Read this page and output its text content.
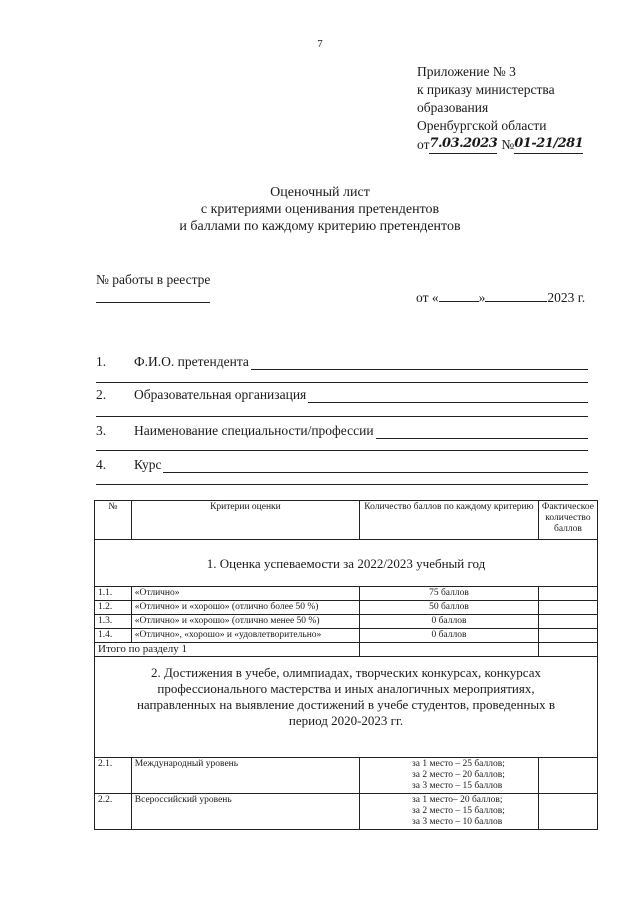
7
Приложение № 3
к приказу министерства
образования
Оренбургской области
от 7.03.2023 № 01-21/281
Оценочный лист
с критериями оценивания претендентов
и баллами по каждому критерию претендентов
№ работы в реестре
от «	»	2023 г.
1.	Ф.И.О. претендента
2.	Образовательная организация
3.	Наименование специальности/профессии
4.	Курс
№	Критерии оценки	Количество баллов по каждому критерию	Фактическое количество баллов
1. Оценка успеваемости за 2022/2023 учебный год			
1.1.	«Отлично»	75 баллов	
1.2.	«Отлично» и «хорошо» (отлично более 50 %)	50 баллов	
1.3.	«Отлично» и «хорошо» (отлично менее 50 %)	0 баллов	
1.4.	«Отлично», «хорошо» и «удовлетворительно»	0 баллов	
Итого по разделу 1			
2. Достижения в учебе, олимпиадах, творческих конкурсах, конкурсах профессионального мастерства и иных аналогичных мероприятиях, направленных на выявление достижений в учебе студентов, проведенных в период 2020-2023 гг.			
2.1.	Международный уровень	за 1 место – 25 баллов;
за 2 место – 20 баллов;
за 3 место – 15 баллов	

2.2.	Всероссийский уровень	за 1 место– 20 баллов;
за 2 место – 15 баллов;
за 3 место – 10 баллов	
